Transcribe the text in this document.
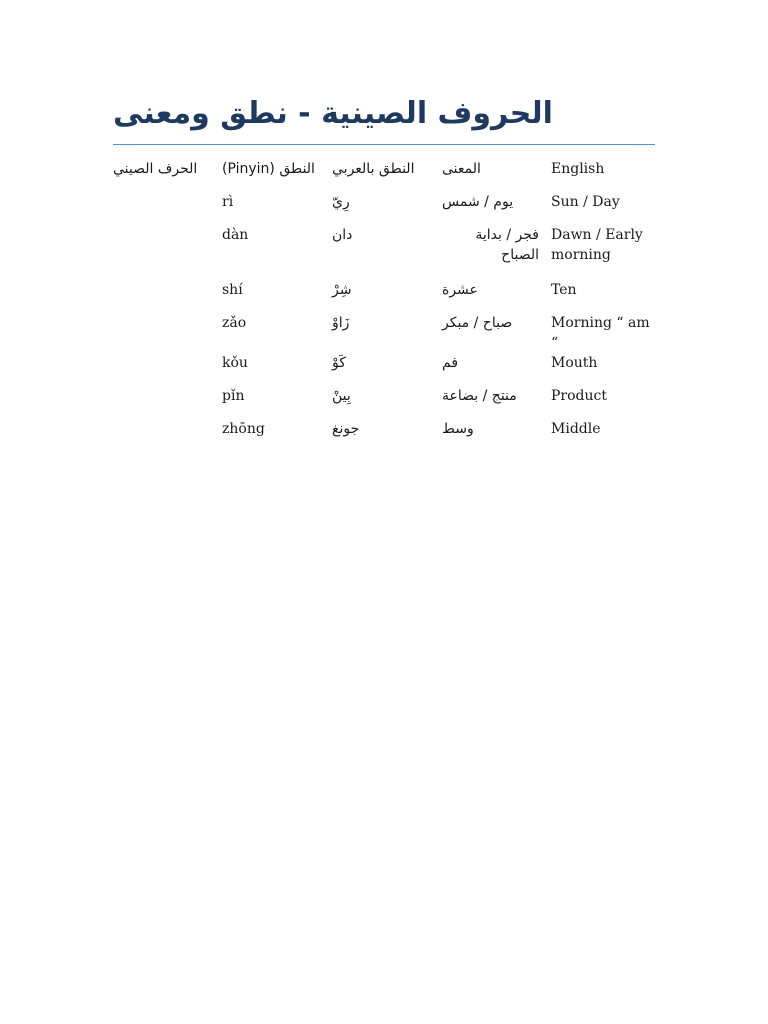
الحروف الصينية - نطق ومعنى
الحرف الصيني	النطق (Pinyin)	النطق بالعربي	المعنى	English
	rì	رِيّ	يوم / شمس	Sun / Day
	dàn	دان	فجر / بداية الصباح	Dawn / Early morning
	shí	شِرْ	عشرة	Ten
	zǎo	زَاوْ	صباح / مبكر	Morning “ am “
	kǒu	كَوْ	فم	Mouth
	pǐn	بِينْ	منتج / بضاعة	Product
	zhōng	جونغ	وسط	Middle
